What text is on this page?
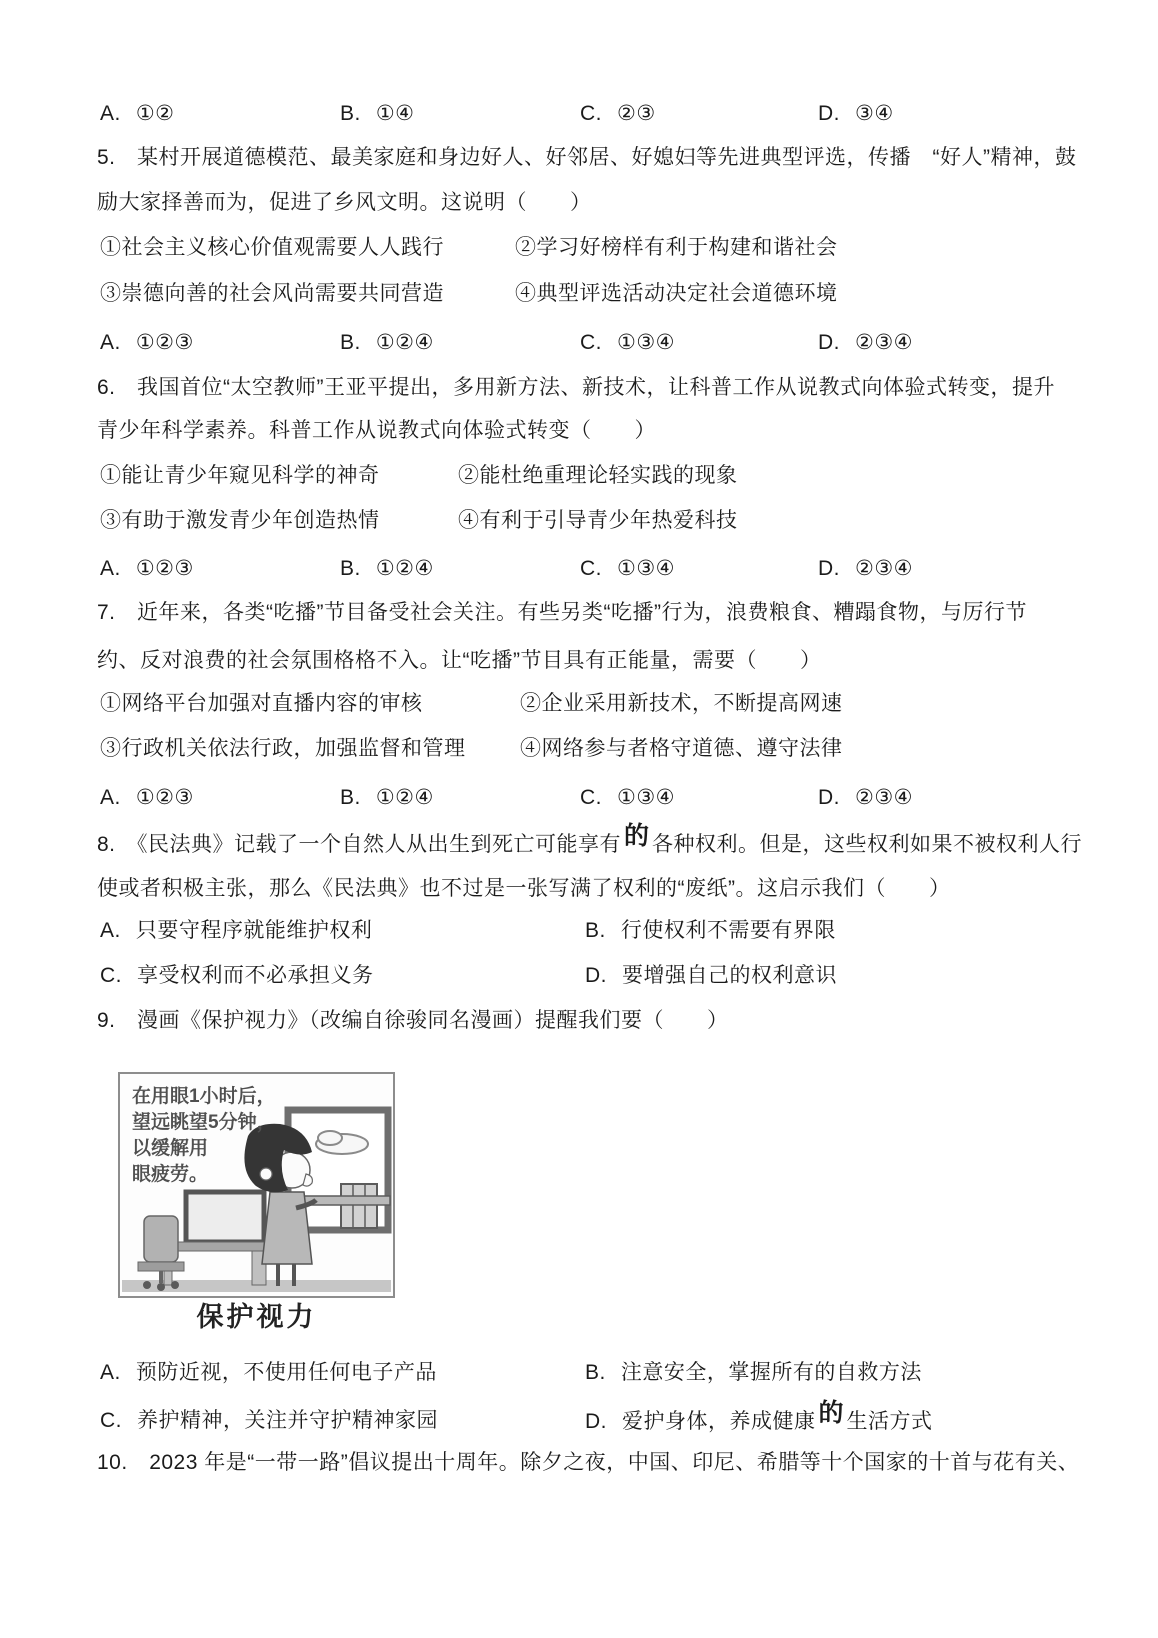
A. ①②	B. ①④	C. ②③	D. ③④
5.　某村开展道德模范、最美家庭和身边好人、好邻居、好媳妇等先进典型评选，传播　“好人”精神，鼓
励大家择善而为，促进了乡风文明。这说明（　　）
①社会主义核心价值观需要人人践行	②学习好榜样有利于构建和谐社会
③崇德向善的社会风尚需要共同营造	④典型评选活动决定社会道德环境
A. ①②③	B. ①②④	C. ①③④	D. ②③④
6.　我国首位“太空教师”王亚平提出，多用新方法、新技术，让科普工作从说教式向体验式转变，提升
青少年科学素养。科普工作从说教式向体验式转变（　　）
①能让青少年窥见科学的神奇	②能杜绝重理论轻实践的现象
③有助于激发青少年创造热情	④有利于引导青少年热爱科技
A. ①②③	B. ①②④	C. ①③④	D. ②③④
7.　近年来，各类“吃播”节目备受社会关注。有些另类“吃播”行为，浪费粮食、糟蹋食物，与厉行节
约、反对浪费的社会氛围格格不入。让“吃播”节目具有正能量，需要（　　）
①网络平台加强对直播内容的审核	②企业采用新技术，不断提高网速
③行政机关依法行政，加强监督和管理	④网络参与者格守道德、遵守法律
A. ①②③	B. ①②④	C. ①③④	D. ②③④
8.　《民法典》记载了一个自然人从出生到死亡可能享有 的 各种权利。但是，这些权利如果不被权利人行
使或者积极主张，那么《民法典》也不过是一张写满了权利的“废纸”。这启示我们（　　）
A. 只要守程序就能维护权利	B. 行使权利不需要有界限
C. 享受权利而不必承担义务	D. 要增强自己的权利意识
9.　漫画《保护视力》（改编自徐骏同名漫画）提醒我们要（　　）
在用眼1小时后，
望远眺望5分钟，
以缓解用
眼疲劳。
保护视力
A. 预防近视，不使用任何电子产品	B. 注意安全，掌握所有的自救方法
C. 养护精神，关注并守护精神家园	D. 爱护身体，养成健康 的 生活方式
10.　2023 年是“一带一路”倡议提出十周年。除夕之夜，中国、印尼、希腊等十个国家的十首与花有关、
